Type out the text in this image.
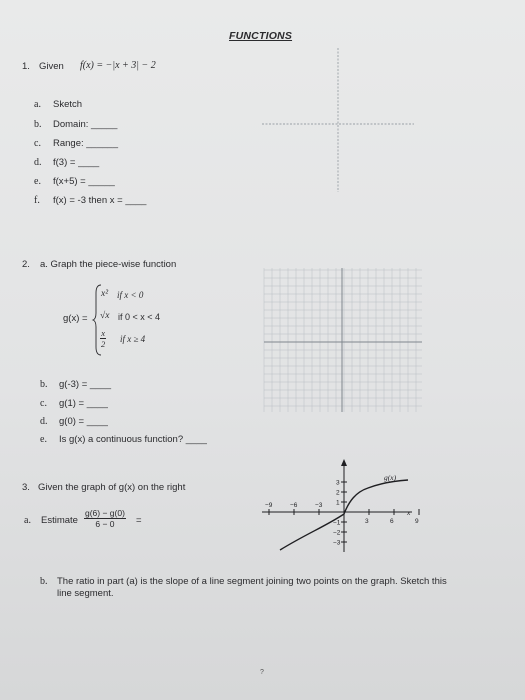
FUNCTIONS
1. Given f(x) = −|x + 3| − 2
a. Sketch
b. Domain: _____
c. Range: ______
d. f(3) = ____
e. f(x+5) = _____
f. f(x) = -3 then x = ____
2. a. Graph the piece-wise function
g(x) =
x² if x < 0
√x if 0 < x < 4
$\frac{x}{2}$ if x ≥ 4
b. g(-3) = ____
c. g(1) = ____
d. g(0) = ____
e. Is g(x) a continuous function? ____
3. Given the graph of g(x) on the right
a. Estimate $\frac{g(6) - g(0)}{6 - 0}$ =
−9	−6	−3
3	6	9
3
2
1
−1
−2
−3
g(x)
x
b. The ratio in part (a) is the slope of a line segment joining two points on the graph. Sketch this
line segment.
?
